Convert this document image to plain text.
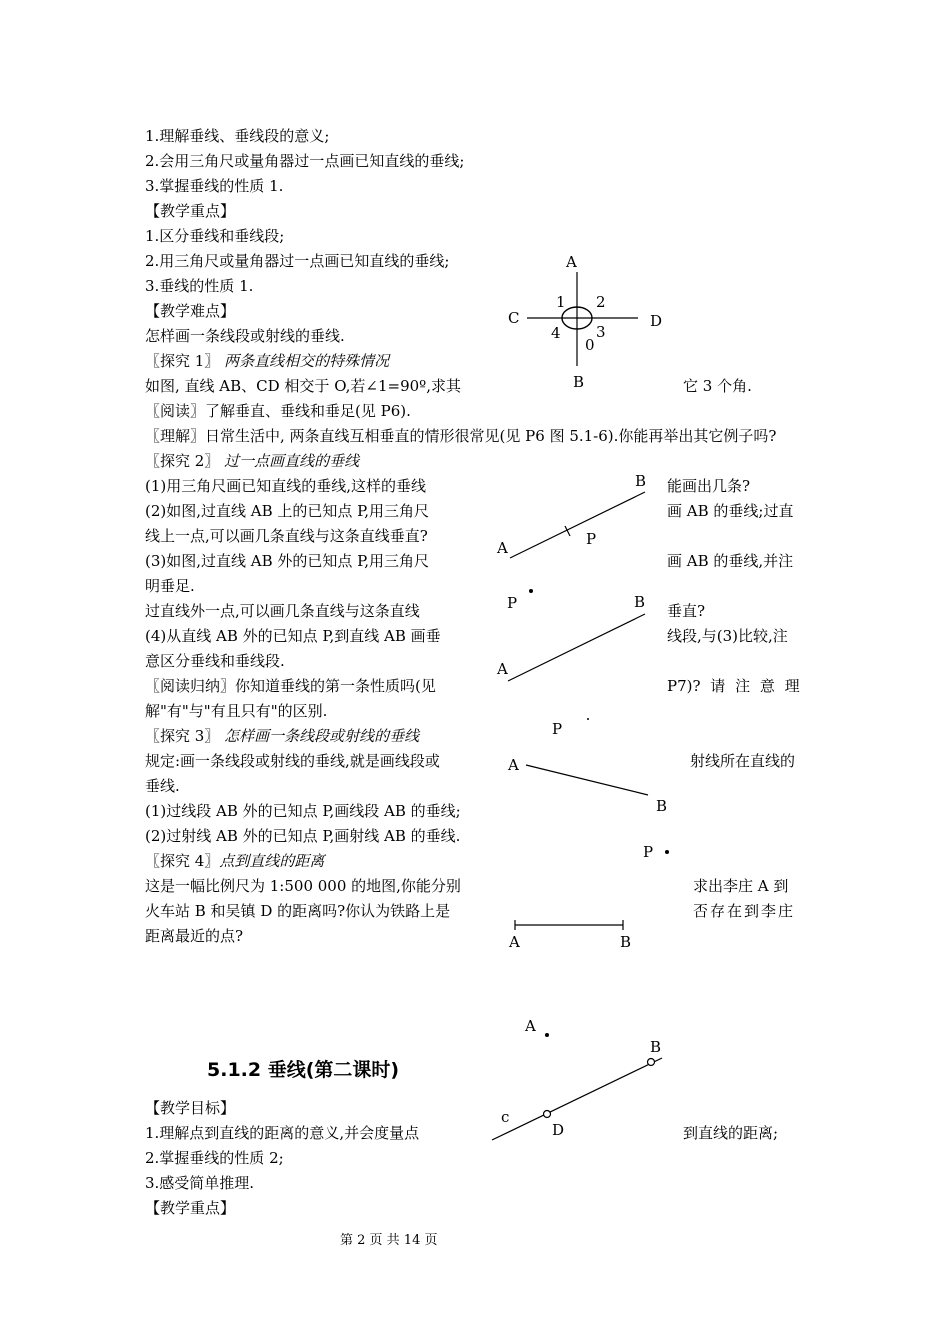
1.理解垂线、垂线段的意义;
2.会用三角尺或量角器过一点画已知直线的垂线;
3.掌握垂线的性质 1.
【教学重点】
1.区分垂线和垂线段;
2.用三角尺或量角器过一点画已知直线的垂线;
3.垂线的性质 1.
【教学难点】
怎样画一条线段或射线的垂线.
〖探究 1〗 两条直线相交的特殊情况
如图, 直线 AB、CD 相交于 O,若∠1=90º,求其	它 3 个角.
〖阅读〗了解垂直、垂线和垂足(见 P6).
〖理解〗日常生活中, 两条直线互相垂直的情形很常见(见 P6 图 5.1-6).你能再举出其它例子吗?
〖探究 2〗 过一点画直线的垂线
(1)用三角尺画已知直线的垂线,这样的垂线	能画出几条?
(2)如图,过直线 AB 上的已知点 P,用三角尺	画 AB 的垂线;过直
线上一点,可以画几条直线与这条直线垂直?
(3)如图,过直线 AB 外的已知点 P,用三角尺	画 AB 的垂线,并注
明垂足.
过直线外一点,可以画几条直线与这条直线	垂直?
(4)从直线 AB 外的已知点 P,到直线 AB 画垂	线段,与(3)比较,注
意区分垂线和垂线段.
〖阅读归纳〗你知道垂线的第一条性质吗(见	P7)? 请 注 意 理
解"有"与"有且只有"的区别.
〖探究 3〗 怎样画一条线段或射线的垂线
规定:画一条线段或射线的垂线,就是画线段或	射线所在直线的
垂线.
(1)过线段 AB 外的已知点 P,画线段 AB 的垂线;
(2)过射线 AB 外的已知点 P,画射线 AB 的垂线.
〖探究 4〗点到直线的距离
这是一幅比例尺为 1:500 000 的地图,你能分别	求出李庄 A 到
火车站 B 和吴镇 D 的距离吗?你认为铁路上是	否存在到李庄
距离最近的点?
5.1.2 垂线(第二课时)
【教学目标】
1.理解点到直线的距离的意义,并会度量点	到直线的距离;
2.掌握垂线的性质 2;
3.感受简单推理.
【教学重点】
第 2 页 共 14 页
A
B
C	D
1 2
3
4
0
A
B
P
P	B
A
P
A
B
P
A	B
A
B
c
D
